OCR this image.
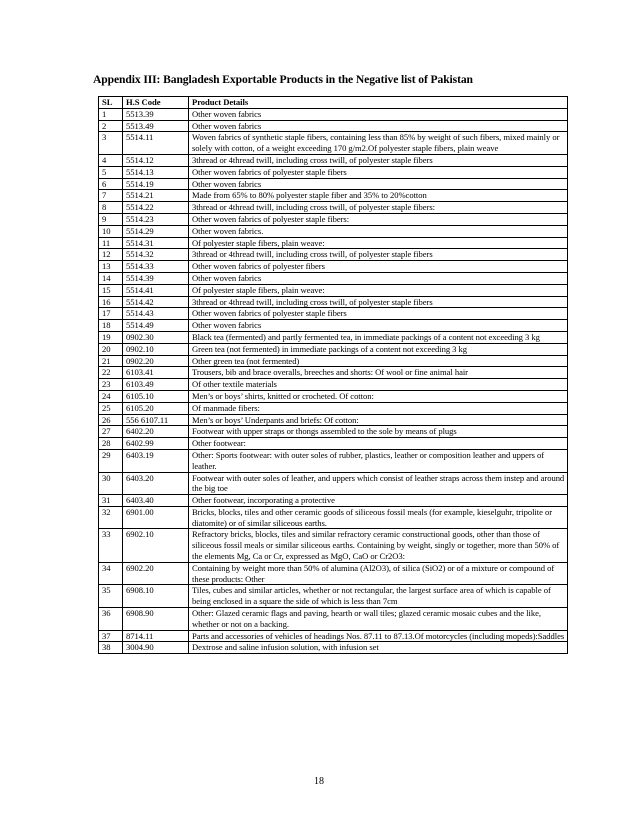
Appendix III: Bangladesh Exportable Products in the Negative list of Pakistan
SL	H.S Code	Product Details
1	5513.39	Other woven fabrics
2	5513.49	Other woven fabrics
3	5514.11	Woven fabrics of synthetic staple fibers, containing less than 85% by weight of such fibers, mixed mainly or solely with cotton, of a weight exceeding 170 g/m2.Of polyester staple fibers, plain weave
4	5514.12	3thread or 4thread twill, including cross twill, of polyester staple fibers
5	5514.13	Other woven fabrics of polyester staple fibers
6	5514.19	Other woven fabrics
7	5514.21	Made from 65% to 80% polyester staple fiber and 35% to 20%cotton
8	5514.22	3thread or 4thread twill, including cross twill, of polyester staple fibers:
9	5514.23	Other woven fabrics of polyester staple fibers:
10	5514.29	Other woven fabrics.
11	5514.31	Of polyester staple fibers, plain weave:
12	5514.32	3thread or 4thread twill, including cross twill, of polyester staple fibers
13	5514.33	Other woven fabrics of polyester fibers
14	5514.39	Other woven fabrics
15	5514.41	Of polyester staple fibers, plain weave:
16	5514.42	3thread or 4thread twill, including cross twill, of polyester staple fibers
17	5514.43	Other woven fabrics of polyester staple fibers
18	5514.49	Other woven fabrics
19	0902.30	Black tea (fermented) and partly fermented tea, in immediate packings of a content not exceeding 3 kg
20	0902.10	Green tea (not fermented) in immediate packings of a content not exceeding 3 kg
21	0902.20	Other green tea (not fermented)
22	6103.41	Trousers, bib and brace overalls, breeches and shorts: Of wool or fine animal hair
23	6103.49	Of other textile materials
24	6105.10	Men’s or boys’ shirts, knitted or crocheted. Of cotton:
25	6105.20	Of manmade fibers:
26	556 6107.11	Men’s or boys’ Underpants and briefs: Of cotton:
27	6402.20	Footwear with upper straps or thongs assembled to the sole by means of plugs
28	6402.99	Other footwear:
29	6403.19	Other: Sports footwear: with outer soles of rubber, plastics, leather or composition leather and uppers of leather.
30	6403.20	Footwear with outer soles of leather, and uppers which consist of leather straps across them instep and around the big toe
31	6403.40	Other footwear, incorporating a protective
32	6901.00	Bricks, blocks, tiles and other ceramic goods of siliceous fossil meals (for example, kieselguhr, tripolite or diatomite) or of similar siliceous earths.
33	6902.10	Refractory bricks, blocks, tiles and similar refractory ceramic constructional goods, other than those of siliceous fossil meals or similar siliceous earths. Containing by weight, singly or together, more than 50% of the elements Mg, Ca or Cr, expressed as MgO, CaO or Cr2O3:
34	6902.20	Containing by weight more than 50% of alumina (Al2O3), of silica (SiO2) or of a mixture or compound of these products: Other
35	6908.10	Tiles, cubes and similar articles, whether or not rectangular, the largest surface area of which is capable of being enclosed in a square the side of which is less than 7cm
36	6908.90	Other: Glazed ceramic flags and paving, hearth or wall tiles; glazed ceramic mosaic cubes and the like, whether or not on a backing.
37	8714.11	Parts and accessories of vehicles of headings Nos. 87.11 to 87.13.Of motorcycles (including mopeds):Saddles
38	3004.90	Dextrose and saline infusion solution, with infusion set
18
